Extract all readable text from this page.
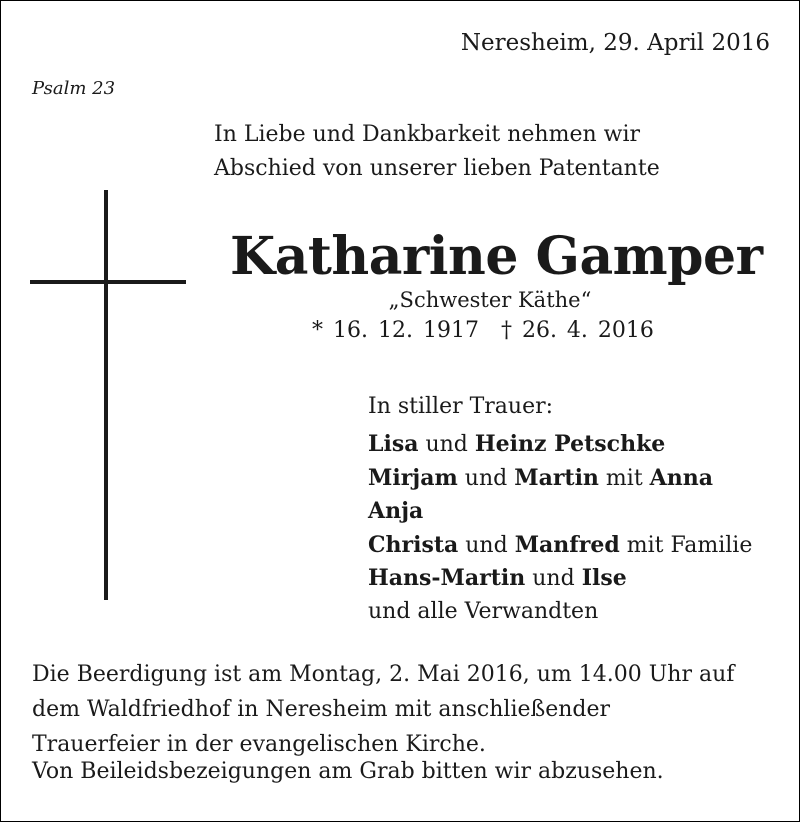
Neresheim, 29. April 2016
Psalm 23
In Liebe und Dankbarkeit nehmen wir
Abschied von unserer lieben Patentante
Katharine Gamper
„Schwester Käthe“
* 16. 12. 1917 † 26. 4. 2016
In stiller Trauer:
Lisa und Heinz Petschke
Mirjam und Martin mit Anna
Anja
Christa und Manfred mit Familie
Hans-Martin und Ilse
und alle Verwandten
Die Beerdigung ist am Montag, 2. Mai 2016, um 14.00 Uhr auf
dem Waldfriedhof in Neresheim mit anschließender
Trauerfeier in der evangelischen Kirche.
Von Beileidsbezeigungen am Grab bitten wir abzusehen.
